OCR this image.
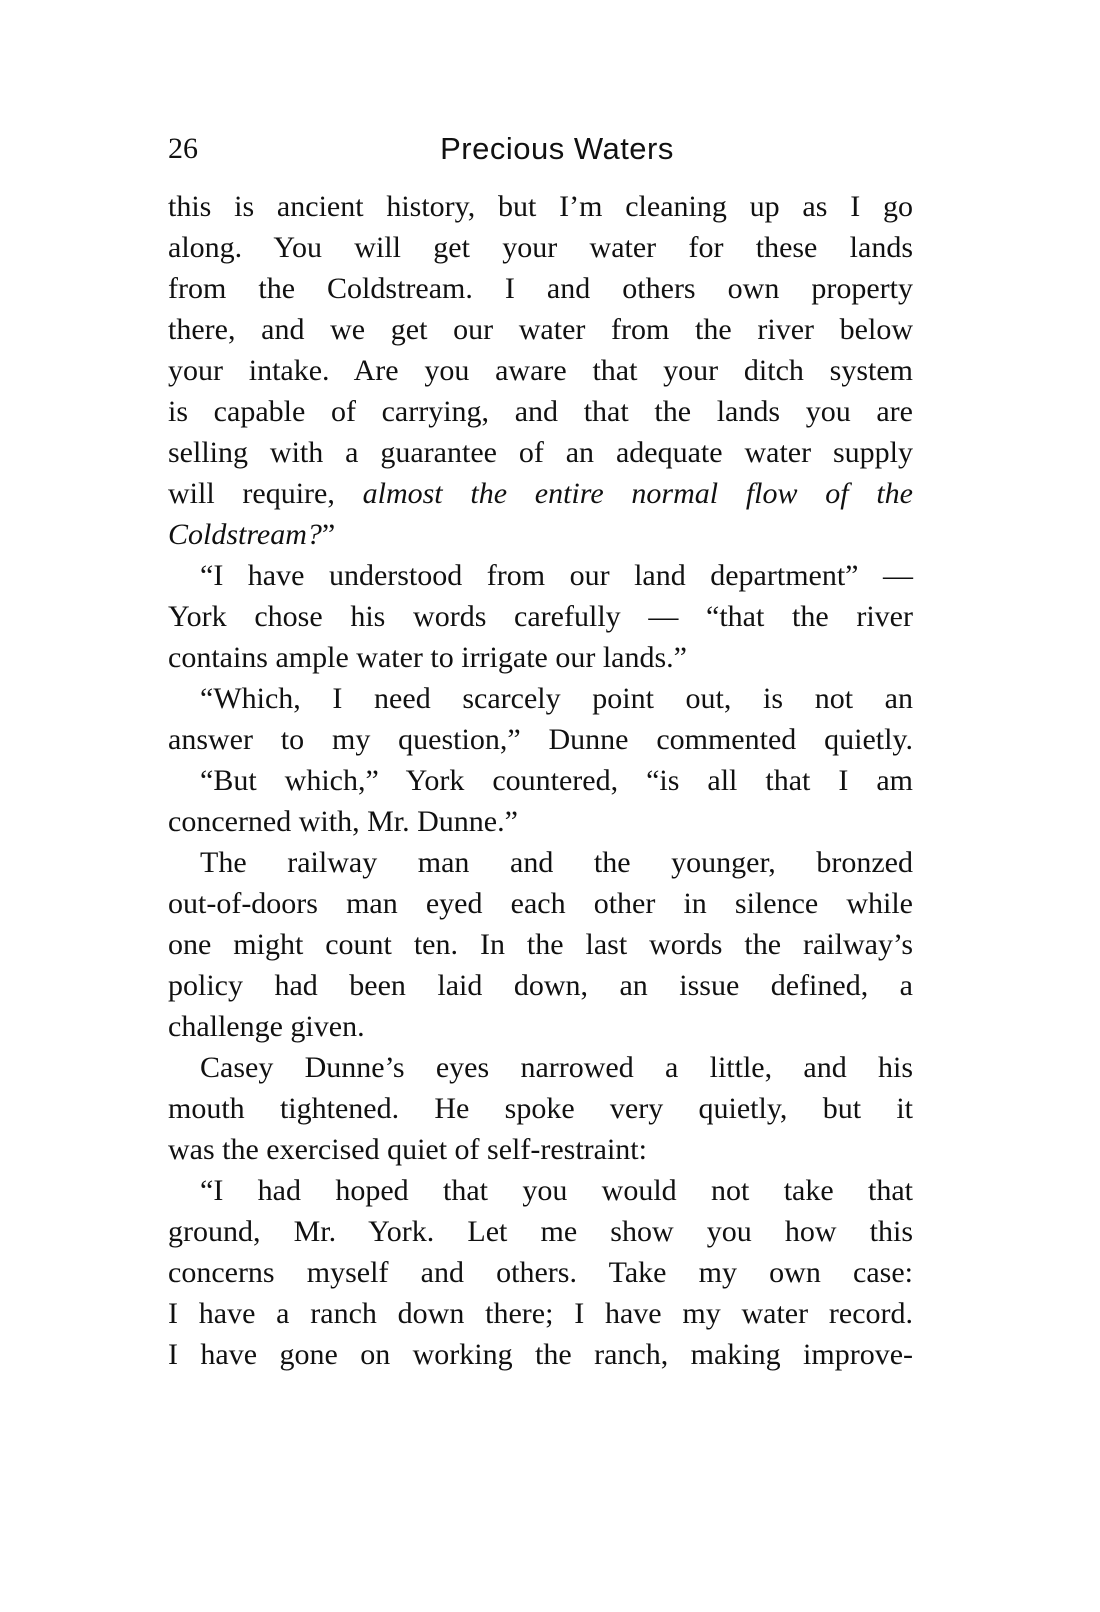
26	Precious Waters
this is ancient history, but I’m cleaning up as I go
along. You will get your water for these lands
from the Coldstream. I and others own property
there, and we get our water from the river below
your intake. Are you aware that your ditch system
is capable of carrying, and that the lands you are
selling with a guarantee of an adequate water supply
will require, almost the entire normal flow of the
Coldstream?”
“I have understood from our land department” —
York chose his words carefully — “that the river
contains ample water to irrigate our lands.”
“Which, I need scarcely point out, is not an
answer to my question,” Dunne commented quietly.
“But which,” York countered, “is all that I am
concerned with, Mr. Dunne.”
The railway man and the younger, bronzed
out-of-doors man eyed each other in silence while
one might count ten. In the last words the railway’s
policy had been laid down, an issue defined, a
challenge given.
Casey Dunne’s eyes narrowed a little, and his
mouth tightened. He spoke very quietly, but it
was the exercised quiet of self-restraint:
“I had hoped that you would not take that
ground, Mr. York. Let me show you how this
concerns myself and others. Take my own case:
I have a ranch down there; I have my water record.
I have gone on working the ranch, making improve-
